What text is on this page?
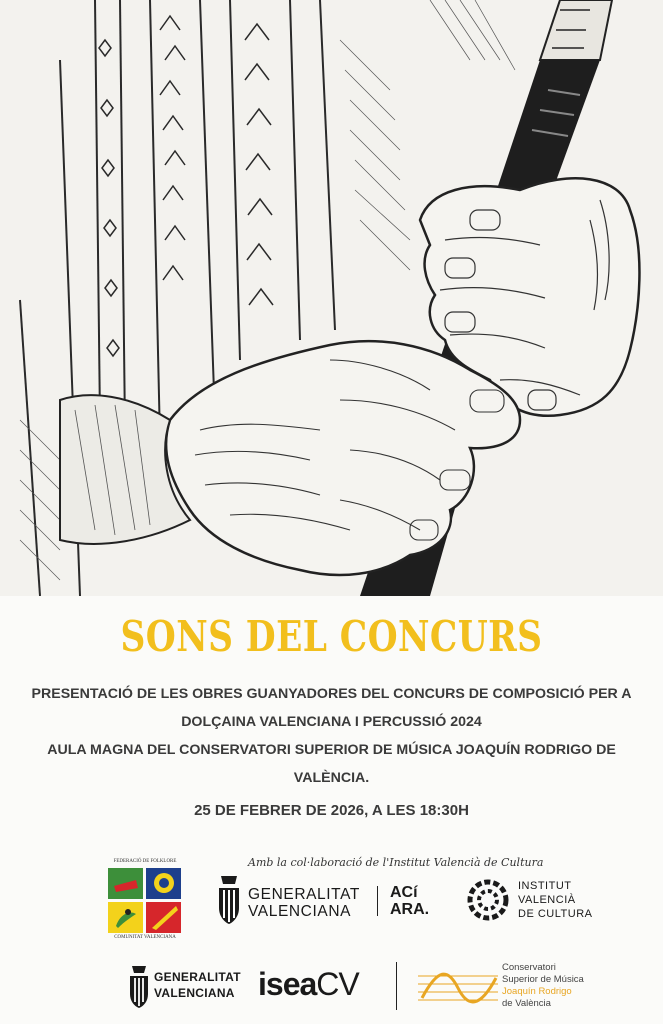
SONS DEL CONCURS
PRESENTACIÓ DE LES OBRES GUANYADORES DEL CONCURS DE COMPOSICIÓ PER A
DOLÇAINA VALENCIANA I PERCUSSIÓ 2024
AULA MAGNA DEL CONSERVATORI SUPERIOR DE MÚSICA JOAQUÍN RODRIGO DE
VALÈNCIA.
25 DE FEBRER DE 2026, A LES 18:30H
Amb la col·laboració de l'Institut Valencià de Cultura
FEDERACIÓ DE FOLKLORE
COMUNITAT VALENCIANA
GENERALITAT
VALENCIANA
ACí
ARA.
INSTITUT
VALENCIÀ
DE CULTURA
GENERALITAT
VALENCIANA iseaCV	Conservatori
Superior de Música
Joaquín Rodrigo
de València
